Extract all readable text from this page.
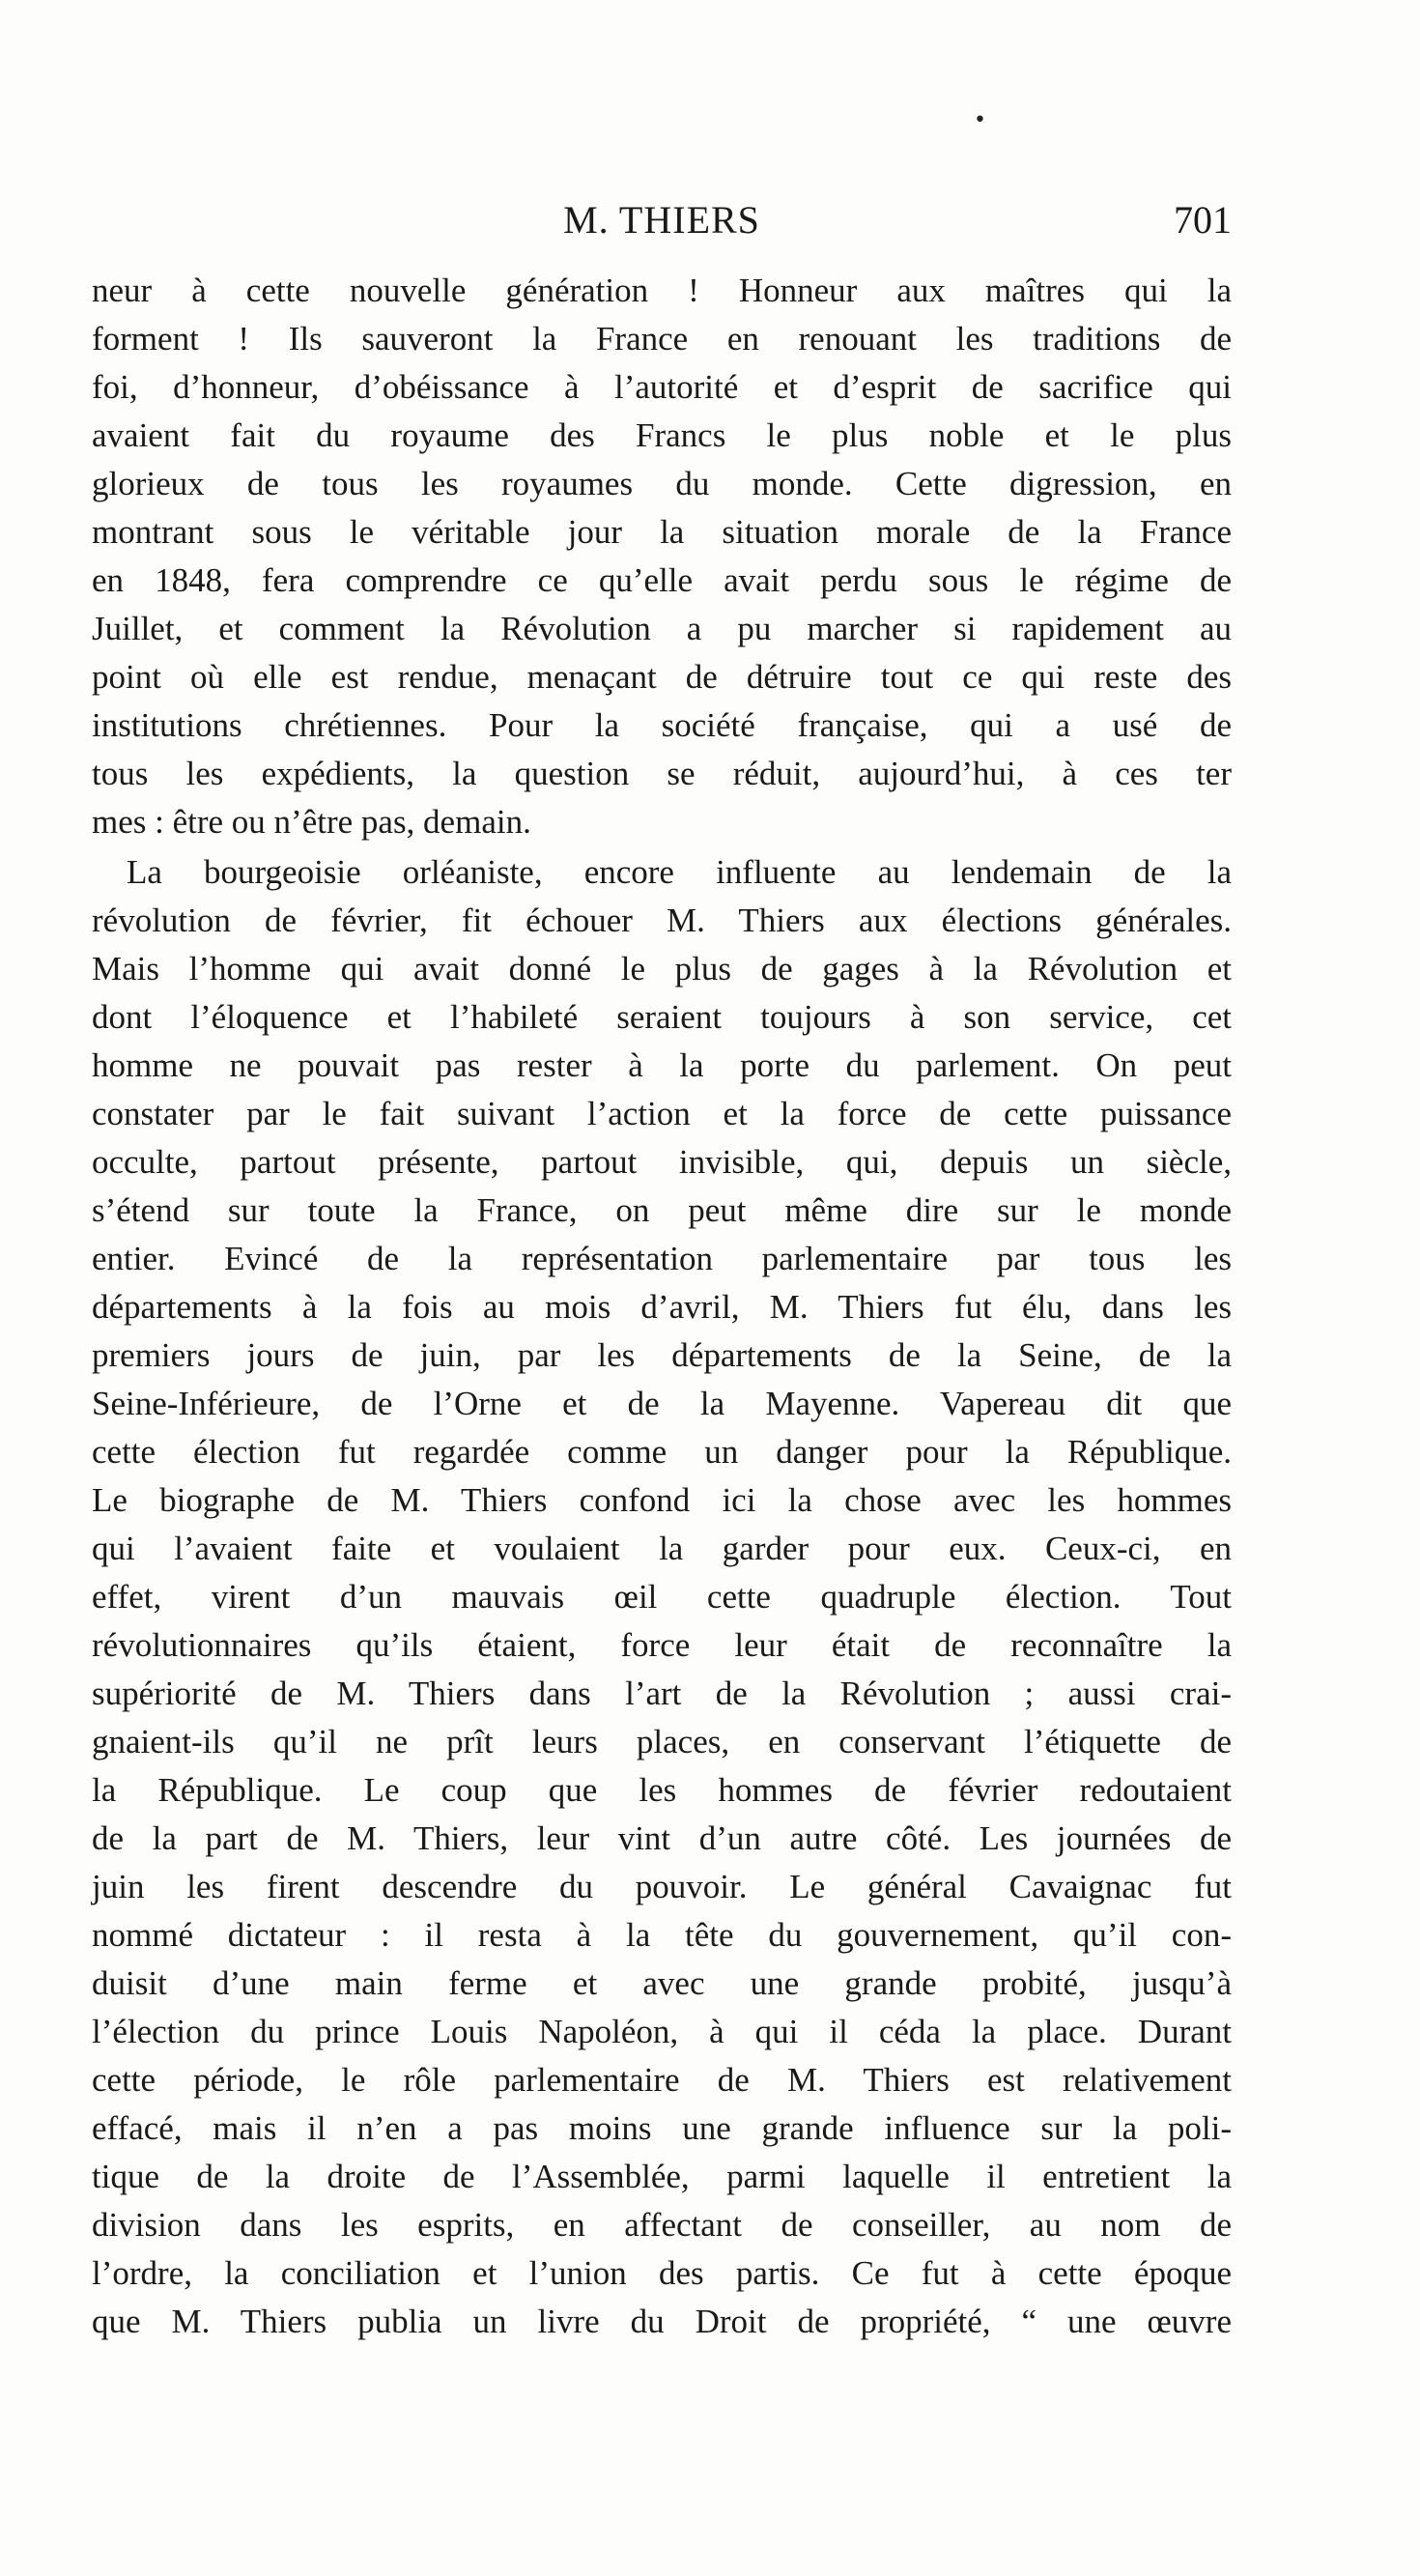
•
M. THIERS	701
neur à cette nouvelle génération ! Honneur aux maîtres qui la
forment ! Ils sauveront la France en renouant les traditions de
foi, d’honneur, d’obéissance à l’autorité et d’esprit de sacrifice qui
avaient fait du royaume des Francs le plus noble et le plus
glorieux de tous les royaumes du monde. Cette digression, en
montrant sous le véritable jour la situation morale de la France
en 1848, fera comprendre ce qu’elle avait perdu sous le régime de
Juillet, et comment la Révolution a pu marcher si rapidement au
point où elle est rendue, menaçant de détruire tout ce qui reste des
institutions chrétiennes. Pour la société française, qui a usé de
tous les expédients, la question se réduit, aujourd’hui, à ces ter
mes : être ou n’être pas, demain.
La bourgeoisie orléaniste, encore influente au lendemain de la
révolution de février, fit échouer M. Thiers aux élections générales.
Mais l’homme qui avait donné le plus de gages à la Révolution et
dont l’éloquence et l’habileté seraient toujours à son service, cet
homme ne pouvait pas rester à la porte du parlement. On peut
constater par le fait suivant l’action et la force de cette puissance
occulte, partout présente, partout invisible, qui, depuis un siècle,
s’étend sur toute la France, on peut même dire sur le monde
entier. Evincé de la représentation parlementaire par tous les
départements à la fois au mois d’avril, M. Thiers fut élu, dans les
premiers jours de juin, par les départements de la Seine, de la
Seine-Inférieure, de l’Orne et de la Mayenne. Vapereau dit que
cette élection fut regardée comme un danger pour la République.
Le biographe de M. Thiers confond ici la chose avec les hommes
qui l’avaient faite et voulaient la garder pour eux. Ceux-ci, en
effet, virent d’un mauvais œil cette quadruple élection. Tout
révolutionnaires qu’ils étaient, force leur était de reconnaître la
supériorité de M. Thiers dans l’art de la Révolution ; aussi crai-
gnaient-ils qu’il ne prît leurs places, en conservant l’étiquette de
la République. Le coup que les hommes de février redoutaient
de la part de M. Thiers, leur vint d’un autre côté. Les journées de
juin les firent descendre du pouvoir. Le général Cavaignac fut
nommé dictateur : il resta à la tête du gouvernement, qu’il con-
duisit d’une main ferme et avec une grande probité, jusqu’à
l’élection du prince Louis Napoléon, à qui il céda la place. Durant
cette période, le rôle parlementaire de M. Thiers est relativement
effacé, mais il n’en a pas moins une grande influence sur la poli-
tique de la droite de l’Assemblée, parmi laquelle il entretient la
division dans les esprits, en affectant de conseiller, au nom de
l’ordre, la conciliation et l’union des partis. Ce fut à cette époque
que M. Thiers publia un livre du Droit de propriété, “ une œuvre
